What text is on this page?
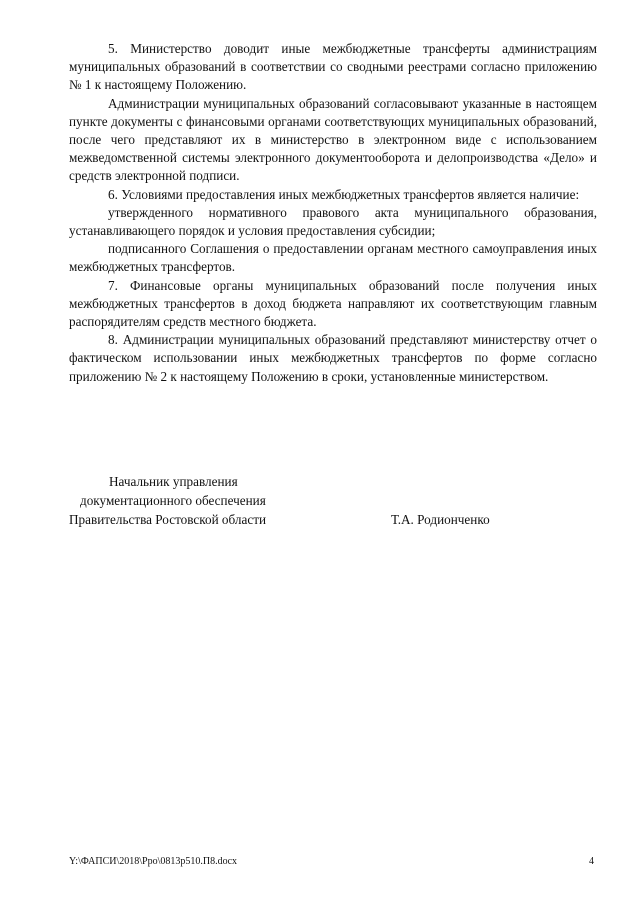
5. Министерство доводит иные межбюджетные трансферты администрациям муниципальных образований в соответствии со сводными реестрами согласно приложению № 1 к настоящему Положению.

Администрации муниципальных образований согласовывают указанные в настоящем пункте документы с финансовыми органами соответствующих муниципальных образований, после чего представляют их в министерство в электронном виде с использованием межведомственной системы электронного документооборота и делопроизводства «Дело» и средств электронной подписи.

6. Условиями предоставления иных межбюджетных трансфертов является наличие:

утвержденного нормативного правового акта муниципального образования, устанавливающего порядок и условия предоставления субсидии;

подписанного Соглашения о предоставлении органам местного самоуправления иных межбюджетных трансфертов.

7. Финансовые органы муниципальных образований после получения иных межбюджетных трансфертов в доход бюджета направляют их соответствующим главным распорядителям средств местного бюджета.

8. Администрации муниципальных образований представляют министерству отчет о фактическом использовании иных межбюджетных трансфертов по форме согласно приложению № 2 к настоящему Положению в сроки, установленные министерством.

Начальник управления
документационного обеспечения
Правительства Ростовской области	Т.А. Родионченко
Y:\ФАПСИ\2018\Рро\0813р510.П8.docx	4
